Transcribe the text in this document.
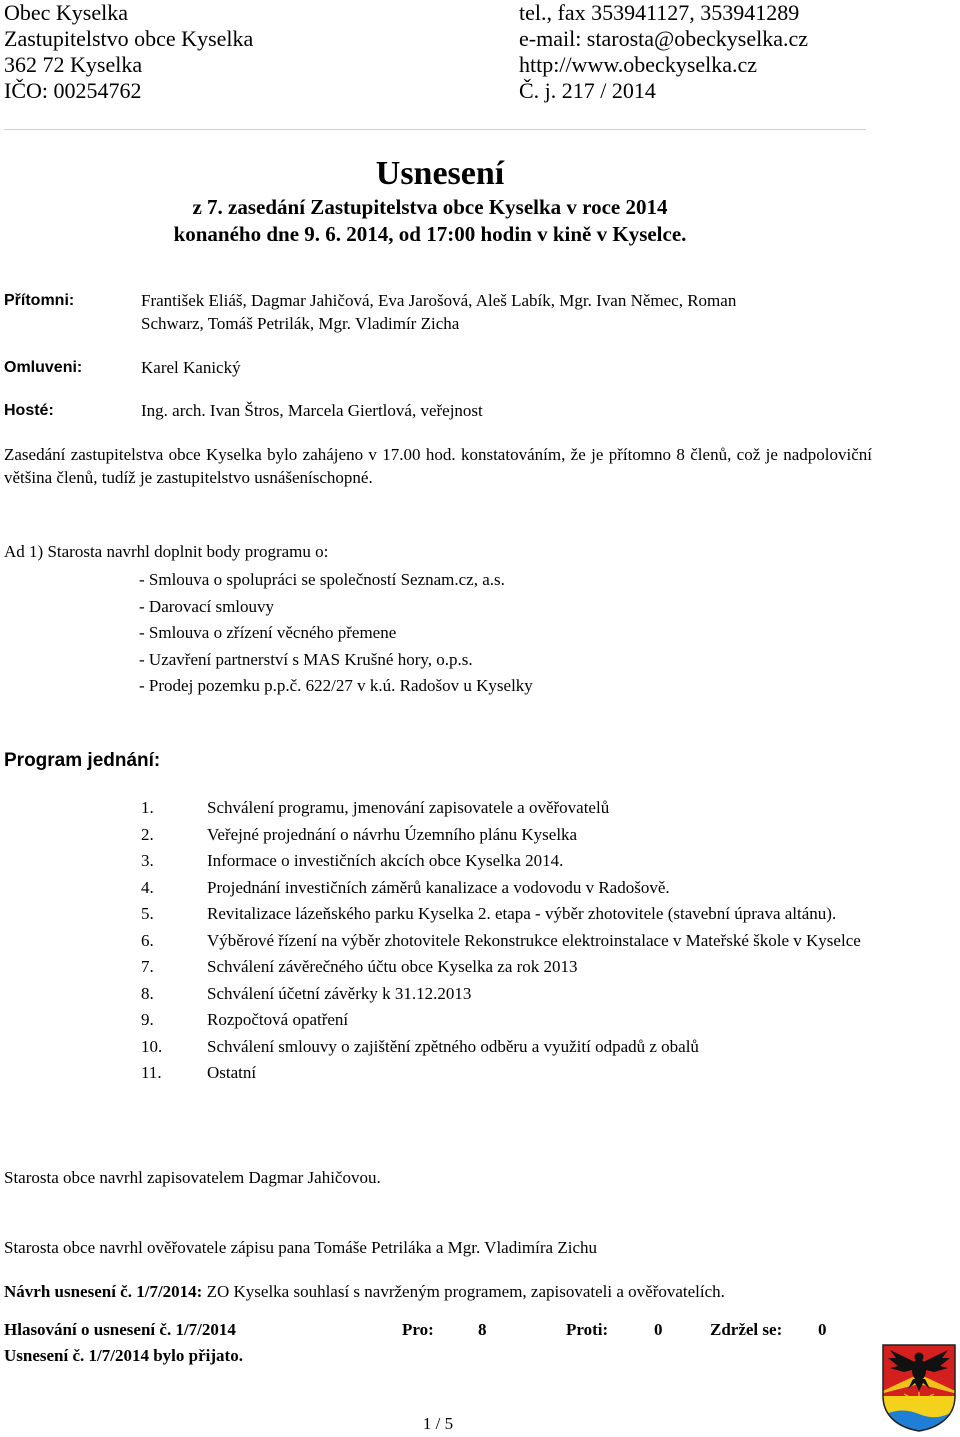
Obec Kyselka
Zastupitelstvo obce Kyselka
362 72 Kyselka
IČO: 00254762
tel., fax 353941127, 353941289
e-mail: starosta@obeckyselka.cz
http://www.obeckyselka.cz
Č. j. 217 / 2014
Usnesení
z 7. zasedání Zastupitelstva obce Kyselka v roce 2014
konaného dne 9. 6. 2014, od 17:00 hodin v kině v Kyselce.
Přítomni:	František Eliáš, Dagmar Jahičová, Eva Jarošová, Aleš Labík, Mgr. Ivan Němec, Roman
Schwarz, Tomáš Petrilák, Mgr. Vladimír Zicha
Omluveni:	Karel Kanický
Hosté:	Ing. arch. Ivan Štros, Marcela Giertlová, veřejnost
Zasedání zastupitelstva obce Kyselka bylo zahájeno v 17.00 hod. konstatováním, že je přítomno 8 členů, což je nadpoloviční většina členů, tudíž je zastupitelstvo usnášeníschopné.
Ad 1) Starosta navrhl doplnit body programu o:
- Smlouva o spolupráci se společností Seznam.cz, a.s.
- Darovací smlouvy
- Smlouva o zřízení věcného přemene
- Uzavření partnerství s MAS Krušné hory, o.p.s.
- Prodej pozemku p.p.č. 622/27 v k.ú. Radošov u Kyselky
Program jednání:
1.	Schválení programu, jmenování zapisovatele a ověřovatelů
2.	Veřejné projednání o návrhu Územního plánu Kyselka
3.	Informace o investičních akcích obce Kyselka 2014.
4.	Projednání investičních záměrů kanalizace a vodovodu v Radošově.
5.	Revitalizace lázeňského parku Kyselka 2. etapa - výběr zhotovitele (stavební úprava altánu).
6.	Výběrové řízení na výběr zhotovitele Rekonstrukce elektroinstalace v Mateřské škole v Kyselce
7.	Schválení závěrečného účtu obce Kyselka za rok 2013
8.	Schválení účetní závěrky k 31.12.2013
9.	Rozpočtová opatření
10.	Schválení smlouvy o zajištění zpětného odběru a využití odpadů z obalů
11.	Ostatní
Starosta obce navrhl zapisovatelem Dagmar Jahičovou.
Starosta obce navrhl ověřovatele zápisu pana Tomáše Petriláka a Mgr. Vladimíra Zichu
Návrh usnesení č. 1/7/2014: ZO Kyselka souhlasí s navrženým programem, zapisovateli a ověřovatelích.
Hlasování o usnesení č. 1/7/2014	Pro:	8	Proti:	0	Zdržel se: 0
Usnesení č. 1/7/2014 bylo přijato.
1 / 5
